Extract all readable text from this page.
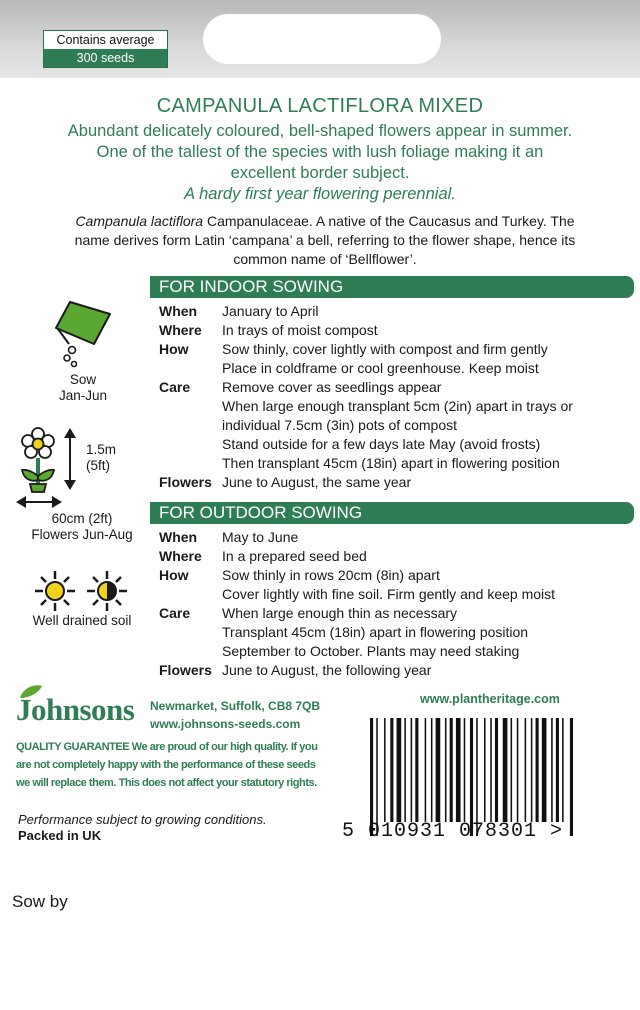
Contains average
300 seeds
CAMPANULA LACTIFLORA MIXED
Abundant delicately coloured, bell-shaped flowers appear in summer.
One of the tallest of the species with lush foliage making it an
excellent border subject.
A hardy first year flowering perennial.
Campanula lactiflora Campanulaceae. A native of the Caucasus and Turkey. The
name derives form Latin ‘campana’ a bell, referring to the flower shape, hence its
common name of ‘Bellflower’.
FOR INDOOR SOWING
When January to April
Where In trays of moist compost
How Sow thinly, cover lightly with compost and firm gently
Place in coldframe or cool greenhouse. Keep moist
Care Remove cover as seedlings appear
When large enough transplant 5cm (2in) apart in trays or
individual 7.5cm (3in) pots of compost
Stand outside for a few days late May (avoid frosts)
Then transplant 45cm (18in) apart in flowering position
Flowers June to August, the same year
FOR OUTDOOR SOWING
When May to June
Where In a prepared seed bed
How Sow thinly in rows 20cm (8in) apart
Cover lightly with fine soil. Firm gently and keep moist
Care When large enough thin as necessary
Transplant 45cm (18in) apart in flowering position
September to October. Plants may need staking
Flowers June to August, the following year
Sow
Jan-Jun
1.5m
(5ft)
60cm (2ft)
Flowers Jun-Aug
Well drained soil
Johnsons Newmarket, Suffolk, CB8 7QB
www.johnsons-seeds.com
www.plantheritage.com
QUALITY GUARANTEE We are proud of our high quality. If you
are not completely happy with the performance of these seeds
we will replace them. This does not affect your statutory rights.
Performance subject to growing conditions.
Packed in UK	5 010931 078301 >
Sow by
